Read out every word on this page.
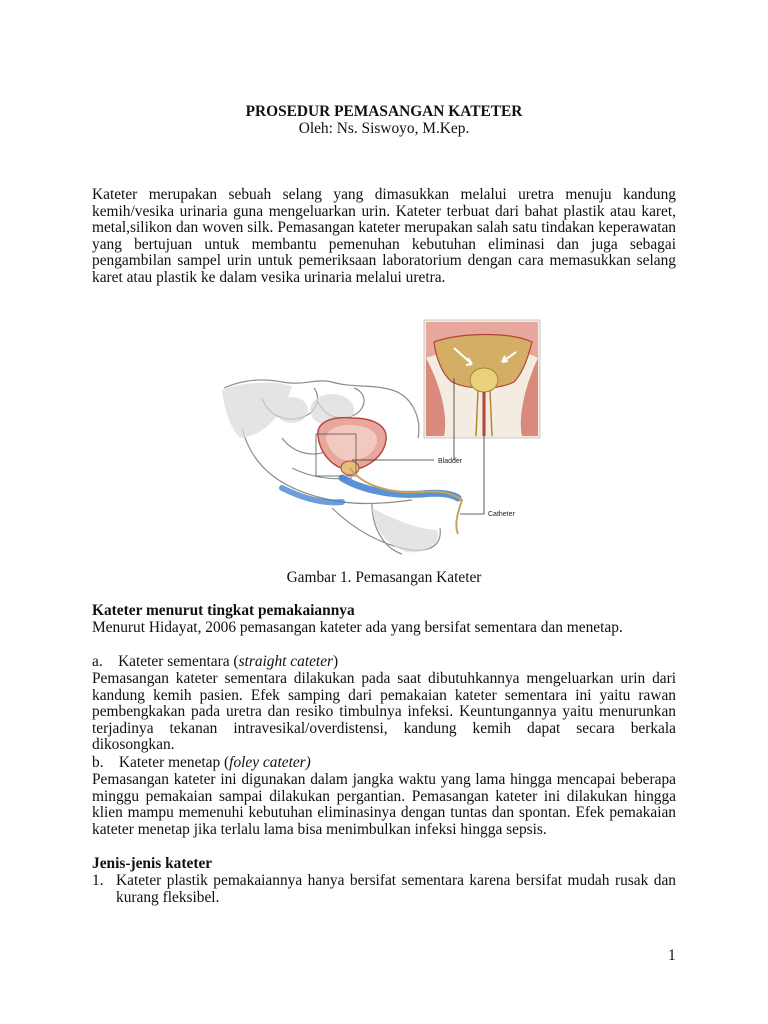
PROSEDUR PEMASANGAN KATETER

Oleh: Ns. Siswoyo, M.Kep.

Kateter merupakan sebuah selang yang dimasukkan melalui uretra menuju kandung kemih/vesika urinaria guna mengeluarkan urin. Kateter terbuat dari bahat plastik atau karet, metal,silikon dan woven silk. Pemasangan kateter merupakan salah satu tindakan keperawatan yang bertujuan untuk membantu pemenuhan kebutuhan eliminasi dan juga sebagai pengambilan sampel urin untuk pemeriksaan laboratorium dengan cara memasukkan selang karet atau plastik ke dalam vesika urinaria melalui uretra.

Bladder
Catheter

Gambar 1. Pemasangan Kateter

Kateter menurut tingkat pemakaiannya

Menurut Hidayat, 2006 pemasangan kateter ada yang bersifat sementara dan menetap.

a.    Kateter sementara (straight cateter)

Pemasangan kateter sementara dilakukan pada saat dibutuhkannya mengeluarkan urin dari kandung kemih pasien. Efek samping dari pemakaian kateter sementara ini yaitu rawan pembengkakan pada uretra dan resiko timbulnya infeksi. Keuntungannya yaitu menurunkan terjadinya tekanan intravesikal/overdistensi, kandung kemih dapat secara berkala dikosongkan.

b.    Kateter menetap (foley cateter)

Pemasangan kateter ini digunakan dalam jangka waktu yang lama hingga mencapai beberapa minggu pemakaian sampai dilakukan pergantian. Pemasangan kateter ini dilakukan hingga klien mampu memenuhi kebutuhan eliminasinya dengan tuntas dan spontan. Efek pemakaian kateter menetap jika terlalu lama bisa menimbulkan infeksi hingga sepsis.

Jenis-jenis kateter

1. Kateter plastik pemakaiannya hanya bersifat sementara karena bersifat mudah rusak dan kurang fleksibel.

1
